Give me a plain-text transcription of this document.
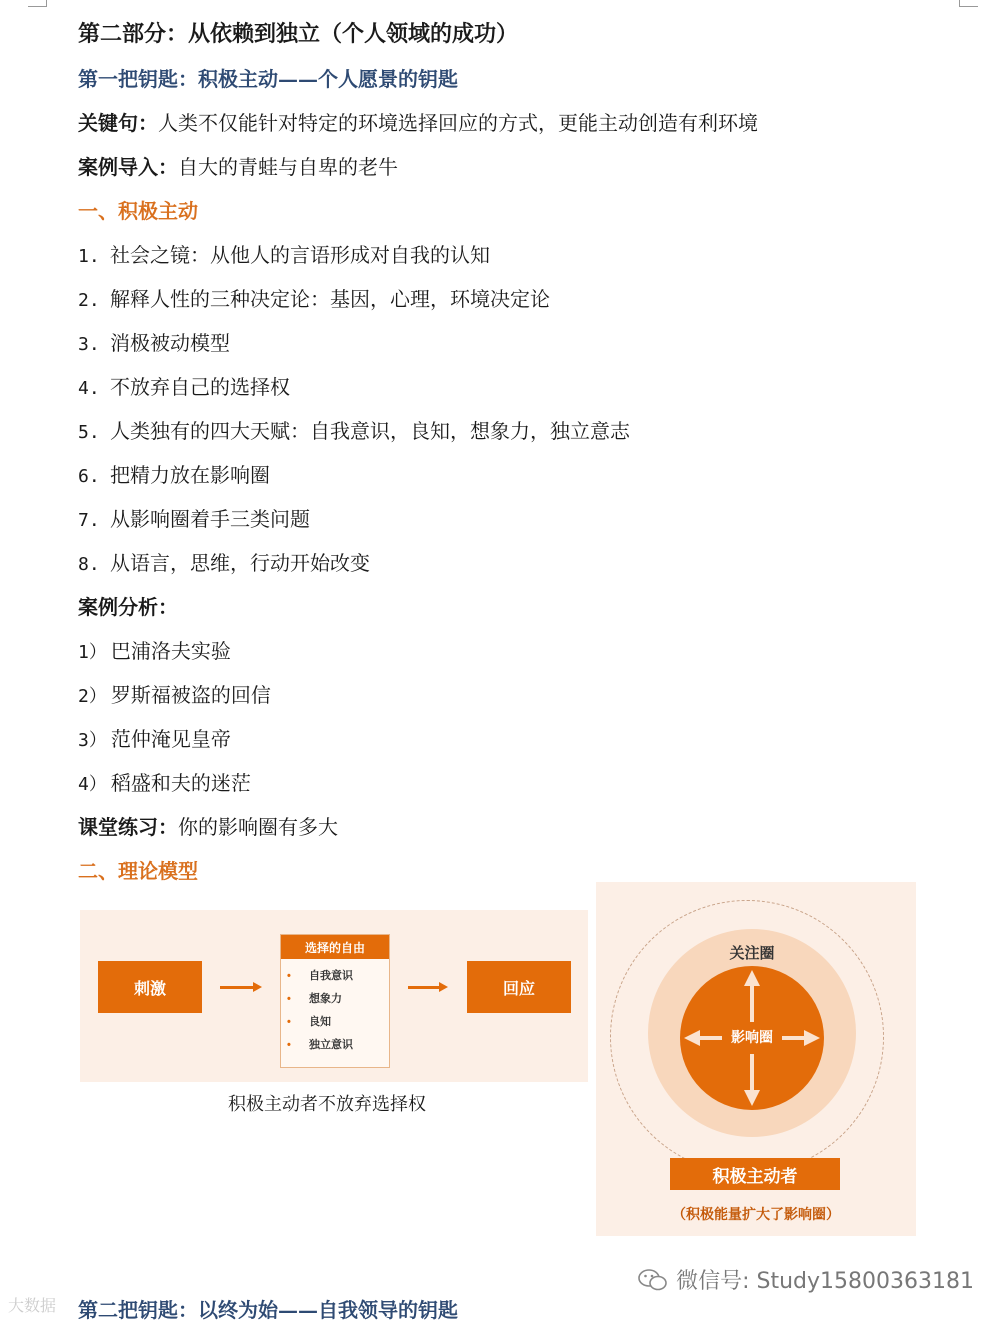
第二部分：从依赖到独立（个人领域的成功）
第一把钥匙：积极主动——个人愿景的钥匙
关键句：人类不仅能针对特定的环境选择回应的方式，更能主动创造有利环境
案例导入：自大的青蛙与自卑的老牛
一、积极主动
1. 社会之镜：从他人的言语形成对自我的认知
2. 解释人性的三种决定论：基因，心理，环境决定论
3. 消极被动模型
4. 不放弃自己的选择权
5. 人类独有的四大天赋：自我意识，良知，想象力，独立意志
6. 把精力放在影响圈
7. 从影响圈着手三类问题
8. 从语言，思维，行动开始改变
案例分析：
1） 巴浦洛夫实验
2） 罗斯福被盗的回信
3） 范仲淹见皇帝
4） 稻盛和夫的迷茫
课堂练习：你的影响圈有多大
二、理论模型
刺激
选择的自由
• 自我意识
• 想象力
• 良知
• 独立意识
回应
积极主动者不放弃选择权
关注圈
影响圈
积极主动者
（积极能量扩大了影响圈）
微信号: Study15800363181
大数据 第二把钥匙：以终为始——自我领导的钥匙
